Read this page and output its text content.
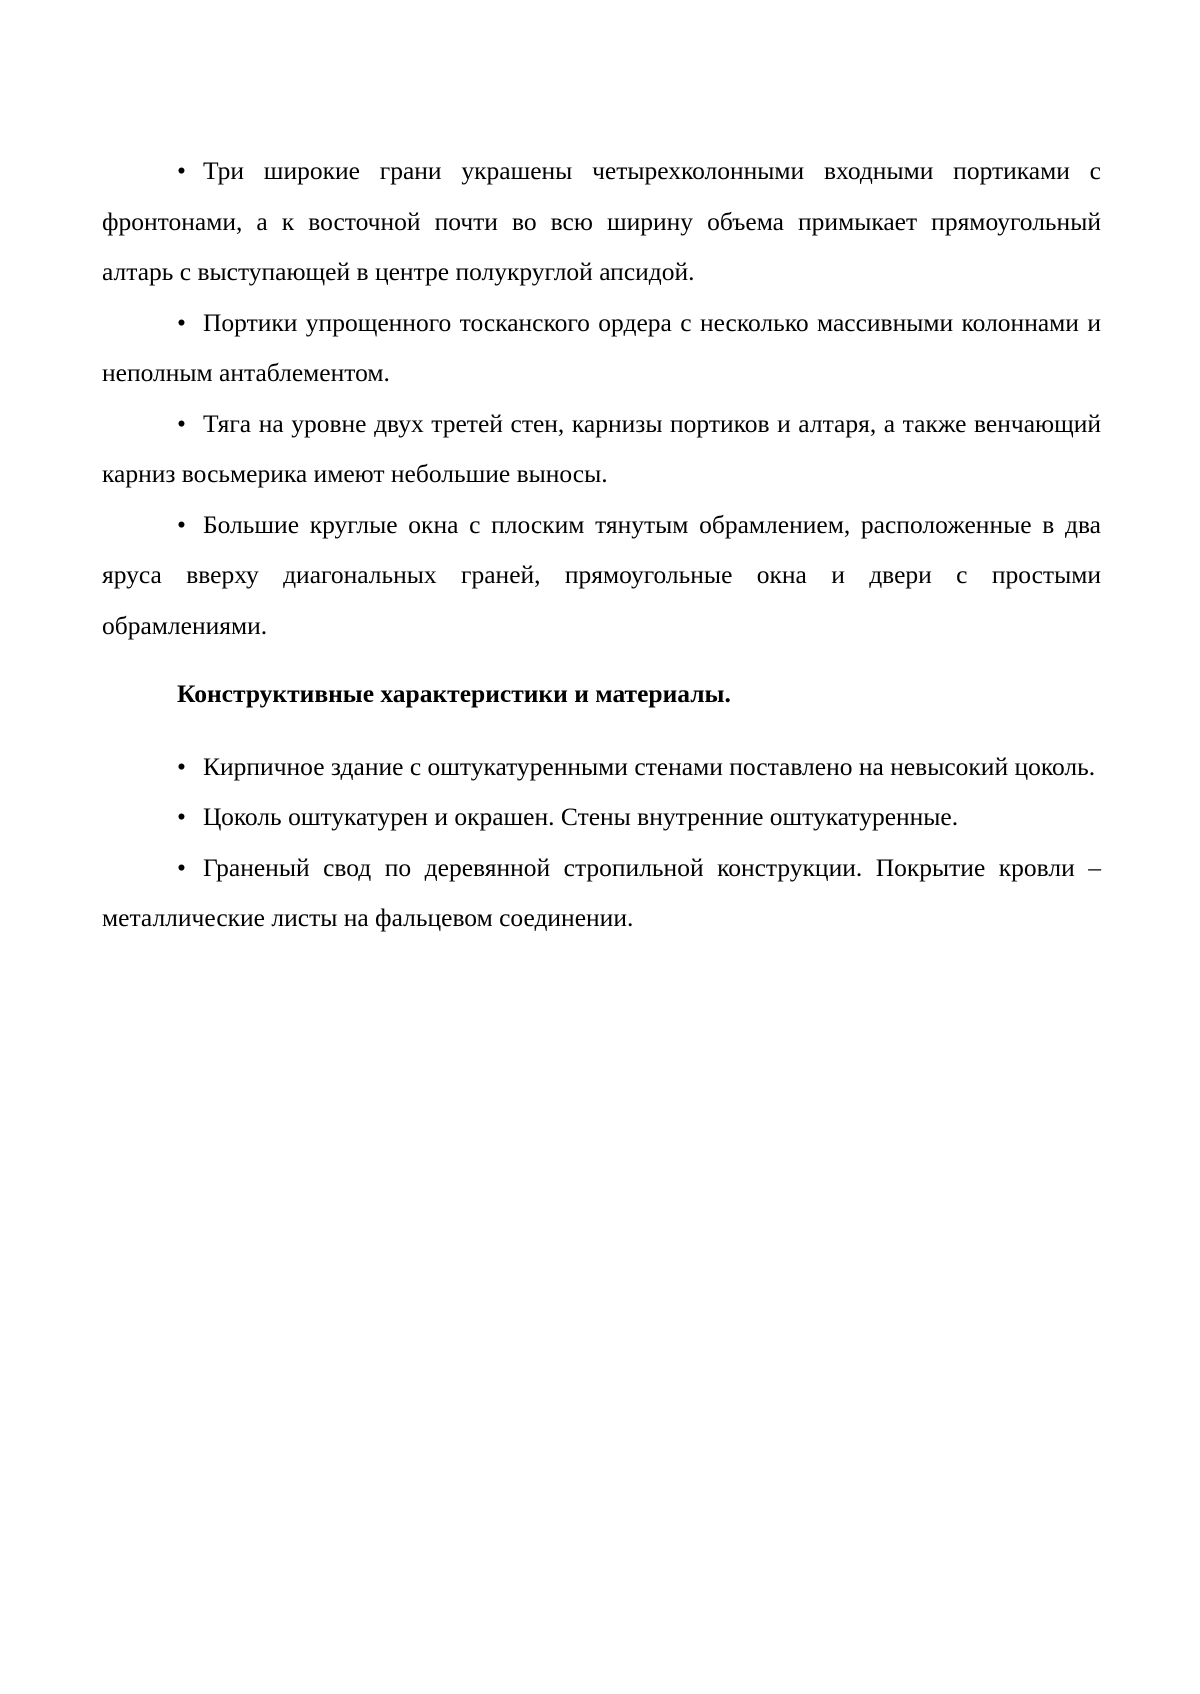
• Три широкие грани украшены четырехколонными входными портиками с фронтонами, а к восточной почти во всю ширину объема примыкает прямоугольный алтарь с выступающей в центре полукруглой апсидой.

• Портики упрощенного тосканского ордера с несколько массивными колоннами и неполным антаблементом.

• Тяга на уровне двух третей стен, карнизы портиков и алтаря, а также венчающий карниз восьмерика имеют небольшие выносы.

• Большие круглые окна с плоским тянутым обрамлением, расположенные в два яруса вверху диагональных граней, прямоугольные окна и двери с простыми обрамлениями.

Конструктивные характеристики и материалы.

• Кирпичное здание с оштукатуренными стенами поставлено на невысокий цоколь.

• Цоколь оштукатурен и окрашен. Стены внутренние оштукатуренные.

• Граненый свод по деревянной стропильной конструкции. Покрытие кровли – металлические листы на фальцевом соединении.
